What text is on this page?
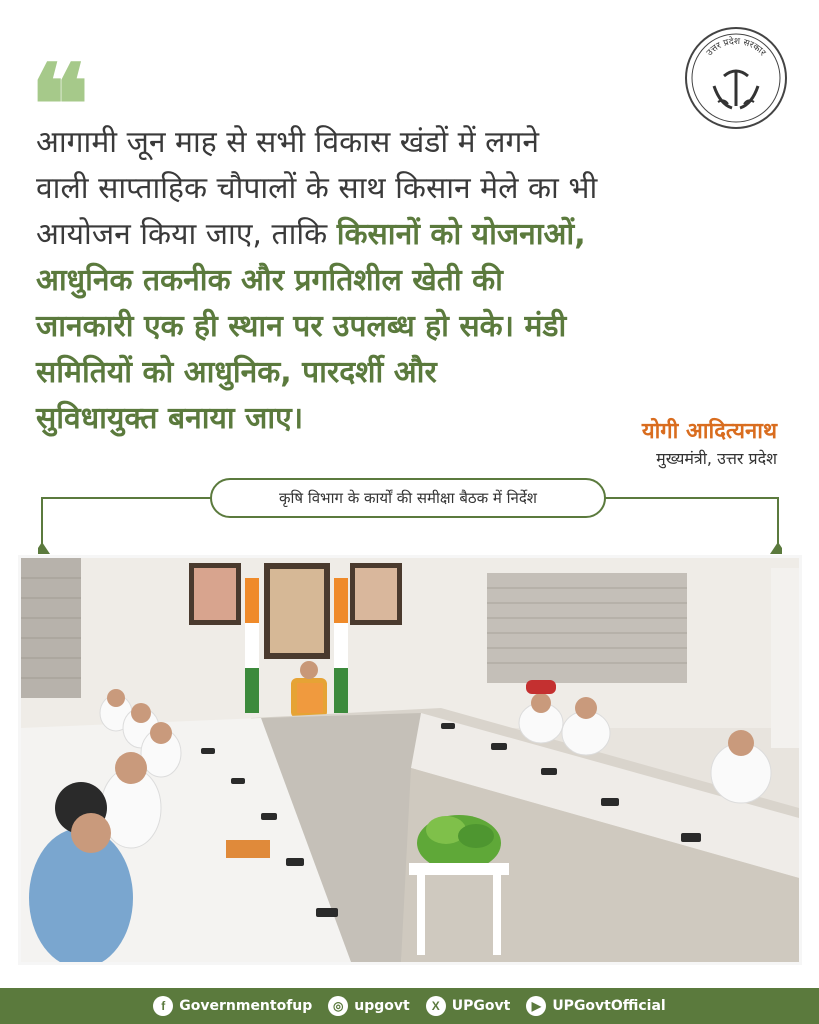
❝	उत्तर प्रदेश सरकार
आगामी जून माह से सभी विकास खंडों में लगने
वाली साप्ताहिक चौपालों के साथ किसान मेले का भी
आयोजन किया जाए, ताकि किसानों को योजनाओं,
आधुनिक तकनीक और प्रगतिशील खेती की
जानकारी एक ही स्थान पर उपलब्ध हो सके। मंडी
समितियों को आधुनिक, पारदर्शी और
सुविधायुक्त बनाया जाए।	योगी आदित्यनाथ
मुख्यमंत्री, उत्तर प्रदेश
कृषि विभाग के कार्यों की समीक्षा बैठक में निर्देश
f	Governmentofup	◎ upgovt	X UPGovt	▶ UPGovtOfficial
